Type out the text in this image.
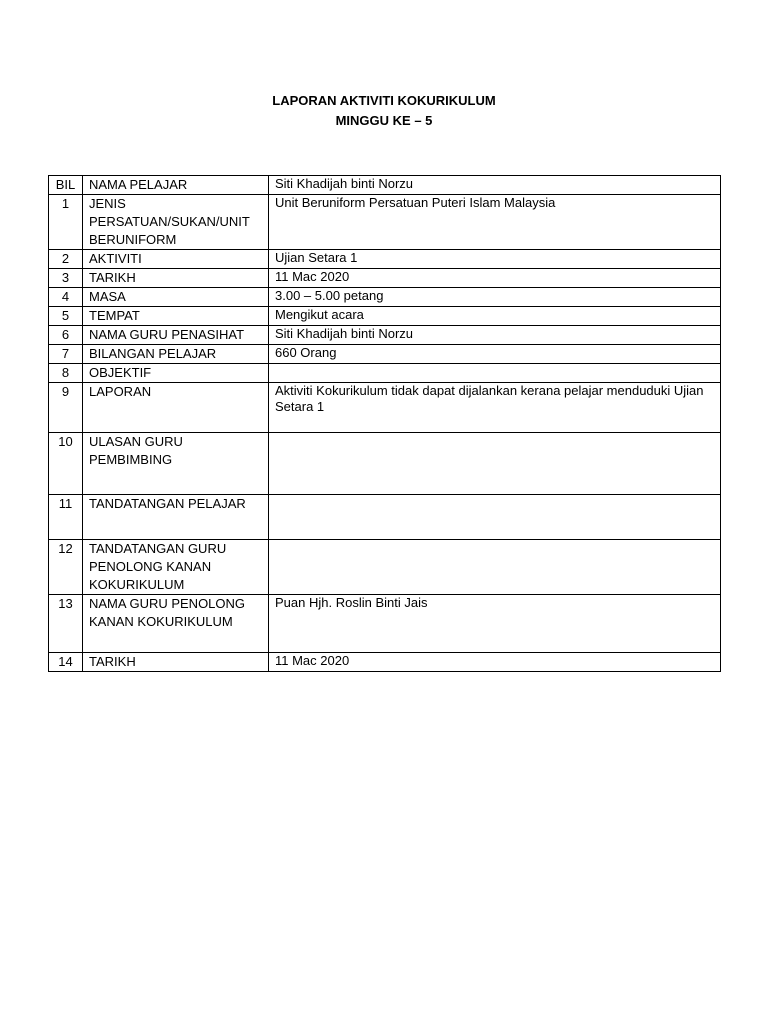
LAPORAN AKTIVITI KOKURIKULUM
MINGGU KE – 5
BIL	NAMA PELAJAR	Siti Khadijah binti Norzu
1	JENIS PERSATUAN/SUKAN/UNIT BERUNIFORM	Unit Beruniform Persatuan Puteri Islam Malaysia
2	AKTIVITI	Ujian Setara 1
3	TARIKH	11 Mac 2020
4	MASA	3.00 – 5.00 petang
5	TEMPAT	Mengikut acara
6	NAMA GURU PENASIHAT	Siti Khadijah binti Norzu
7	BILANGAN PELAJAR	660 Orang
8	OBJEKTIF	
9	LAPORAN	Aktiviti Kokurikulum tidak dapat dijalankan kerana pelajar menduduki Ujian Setara 1
10	ULASAN GURU PEMBIMBING	
11	TANDATANGAN PELAJAR	
12	TANDATANGAN GURU PENOLONG KANAN KOKURIKULUM	
13	NAMA GURU PENOLONG KANAN KOKURIKULUM	Puan Hjh. Roslin Binti Jais
14	TARIKH	11 Mac 2020
